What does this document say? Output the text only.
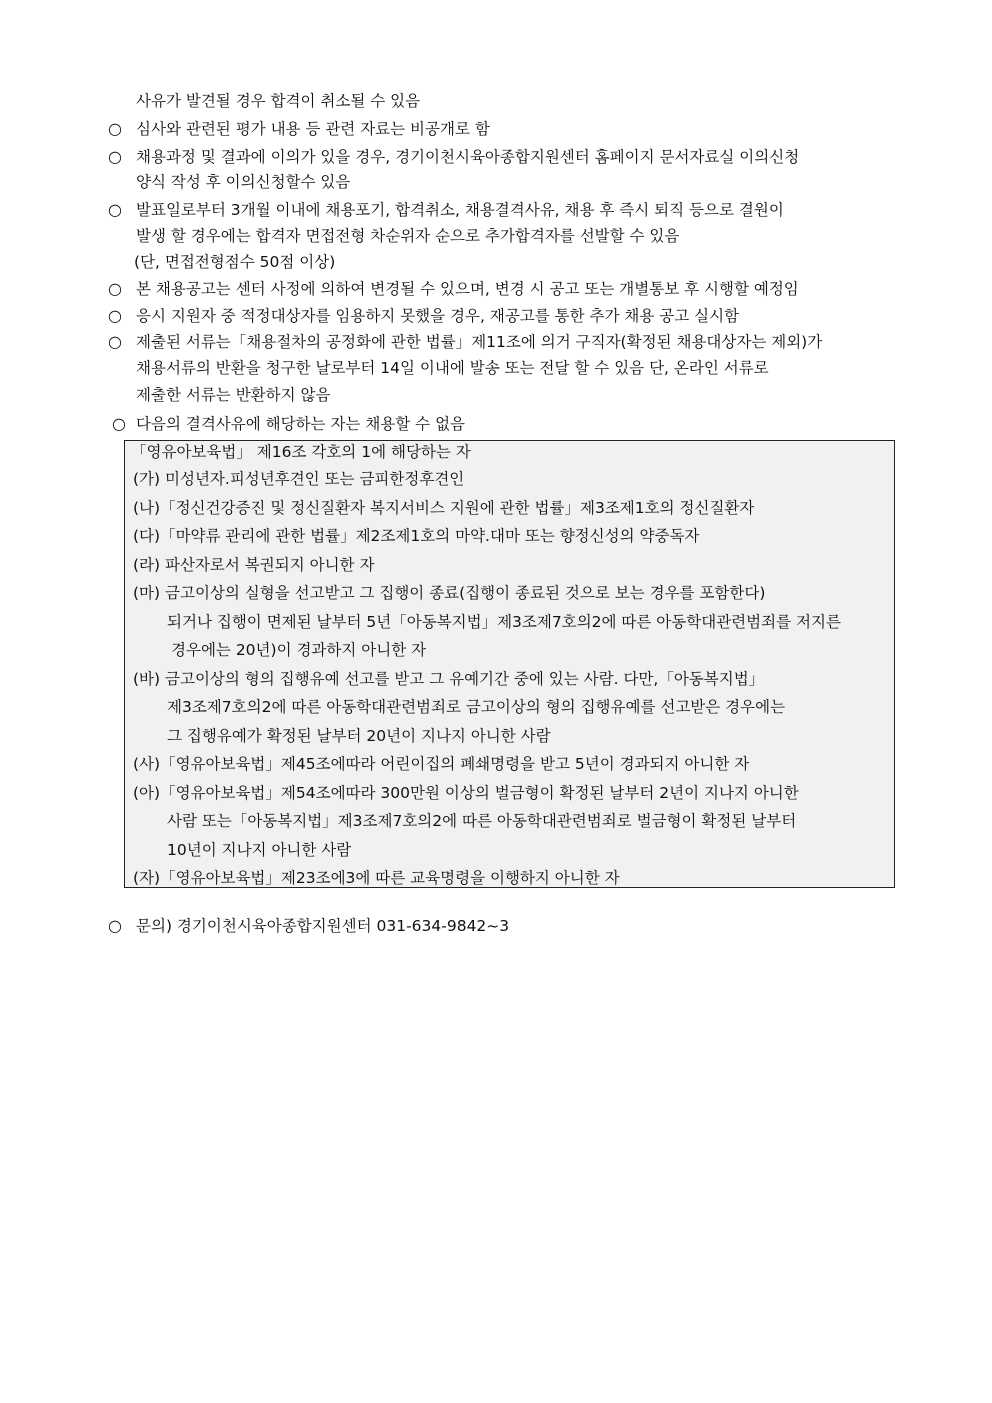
사유가 발견될 경우 합격이 취소될 수 있음
○ 심사와 관련된 평가 내용 등 관련 자료는 비공개로 함
○ 채용과정 및 결과에 이의가 있을 경우, 경기이천시육아종합지원센터 홈페이지 문서자료실 이의신청
양식 작성 후 이의신청할수 있음
○ 발표일로부터 3개월 이내에 채용포기, 합격취소, 채용결격사유, 채용 후 즉시 퇴직 등으로 결원이
발생 할 경우에는 합격자 면접전형 차순위자 순으로 추가합격자를 선발할 수 있음
(단, 면접전형점수 50점 이상)
○ 본 채용공고는 센터 사정에 의하여 변경될 수 있으며, 변경 시 공고 또는 개별통보 후 시행할 예정임
○ 응시 지원자 중 적정대상자를 임용하지 못했을 경우, 재공고를 통한 추가 채용 공고 실시함
○ 제출된 서류는「채용절차의 공정화에 관한 법률」제11조에 의거 구직자(확정된 채용대상자는 제외)가
채용서류의 반환을 청구한 날로부터 14일 이내에 발송 또는 전달 할 수 있음 단, 온라인 서류로
제출한 서류는 반환하지 않음
○ 다음의 결격사유에 해당하는 자는 채용할 수 없음
「영유아보육법」 제16조 각호의 1에 해당하는 자
(가) 미성년자.피성년후견인 또는 금피한정후견인
(나)「정신건강증진 및 정신질환자 복지서비스 지원에 관한 법률」제3조제1호의 정신질환자
(다)「마약류 관리에 관한 법률」제2조제1호의 마약.대마 또는 향정신성의 약중독자
(라) 파산자로서 복권되지 아니한 자
(마) 금고이상의 실형을 선고받고 그 집행이 종료(집행이 종료된 것으로 보는 경우를 포함한다)
되거나 집행이 면제된 날부터 5년「아동복지법」제3조제7호의2에 따른 아동학대관련범죄를 저지른
경우에는 20년)이 경과하지 아니한 자
(바) 금고이상의 형의 집행유예 선고를 받고 그 유예기간 중에 있는 사람. 다만,「아동복지법」
제3조제7호의2에 따른 아동학대관련범죄로 금고이상의 형의 집행유예를 선고받은 경우에는
그 집행유예가 확정된 날부터 20년이 지나지 아니한 사람
(사)「영유아보육법」제45조에따라 어린이집의 폐쇄명령을 받고 5년이 경과되지 아니한 자
(아)「영유아보육법」제54조에따라 300만원 이상의 벌금형이 확정된 날부터 2년이 지나지 아니한
사람 또는「아동복지법」제3조제7호의2에 따른 아동학대관련범죄로 벌금형이 확정된 날부터
10년이 지나지 아니한 사람
(자)「영유아보육법」제23조에3에 따른 교육명령을 이행하지 아니한 자
○ 문의) 경기이천시육아종합지원센터 031-634-9842~3
